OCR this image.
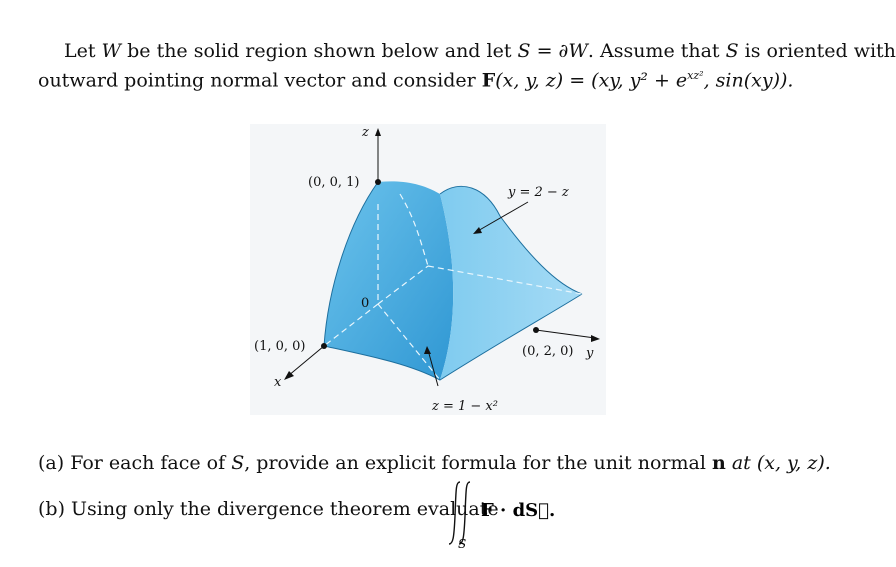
Let W be the solid region shown below and let S = ∂W. Assume that S is oriented with
outward pointing normal vector and consider F(x, y, z) = (xy, $y^2 + e^{xz^2}$, sin(xy)).
z
y
x
0
(0, 0, 1)
(1, 0, 0)	(0, 2, 0)
y = 2 − z
z = 1 − x²
(a) For each face of S, provide an explicit formula for the unit normal n at (x, y, z).
(b) Using only the divergence theorem evaluate
F · dS⃗.
S
